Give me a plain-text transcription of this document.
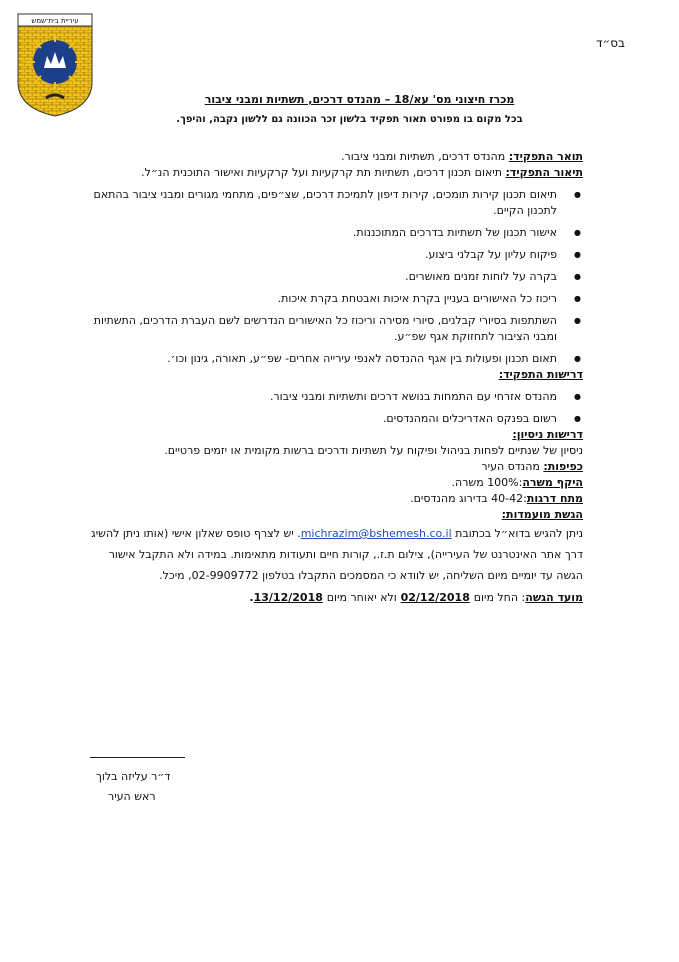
בס״ד
עיריית בית־שמש
מכרז חיצוני מס' עא/18 – מהנדס דרכים, תשתיות ומבני ציבור
בכל מקום בו מפורט תאור תפקיד בלשון זכר הכוונה גם ללשון נקבה, והיפך.

תואר התפקיד: מהנדס דרכים, תשתיות ומבני ציבור.

תיאור התפקיד: תיאום תכנון דרכים, תשתיות תת קרקעיות ועל קרקעיות ואישור התוכנית הנ״ל.

● תיאום תכנון קירות תומכים, קירות דיפון לתמיכת דרכים, שצ״פים, מתחמי מגורים ומבני ציבור בהתאם לתכנון הקיים.
● אישור תכנון של תשתיות בדרכים המתוכננות.
● פיקוח עליון על קבלני ביצוע.
● בקרה על לוחות זמנים מאושרים.
● ריכוז כל האישורים בעניין בקרת איכות ואבטחת בקרת איכות.
● השתתפות בסיורי קבלנים, סיורי מסירה וריכוז כל האישורים הנדרשים לשם העברת הדרכים, התשתיות ומבני הציבור לתחזוקת אגף שפ״ע.
● תאום תכנון ופעולות בין אגף ההנדסה לאנפי עירייה אחרים- שפ״ע, תאורה, גינון וכו׳.

דרישות התפקיד:

● מהנדס אזרחי עם התמחות בנושא דרכים ותשתיות ומבני ציבור.
● רשום בפנקס האדריכלים והמהנדסים.

דרישות ניסיון:

ניסיון של שנתיים לפחות בניהול ופיקוח על תשתיות ודרכים ברשות מקומית או יזמים פרטיים.

כפיפות: מהנדס העיר

היקף משרה:100% משרה.

מתח דרגות:40-42 בדירוג מהנדסים.

הגשת מועמדות:

ניתן להגיש בדוא״ל בכתובת michrazim@bshemesh.co.il. יש לצרף טופס שאלון אישי (אותו ניתן להשיג דרך אתר האינטרנט של העירייה), צילום ת.ז., קורות חיים ותעודות מתאימות. במידה ולא התקבל אישור הגשה עד יומיים מיום השליחה, יש לוודא כי המסמכים התקבלו בטלפון 02-9909772, מיכל.

מועד הגשה: החל מיום 02/12/2018 ולא יאוחר מיום 13/12/2018.

ד״ר עליזה בלוך
ראש העיר
